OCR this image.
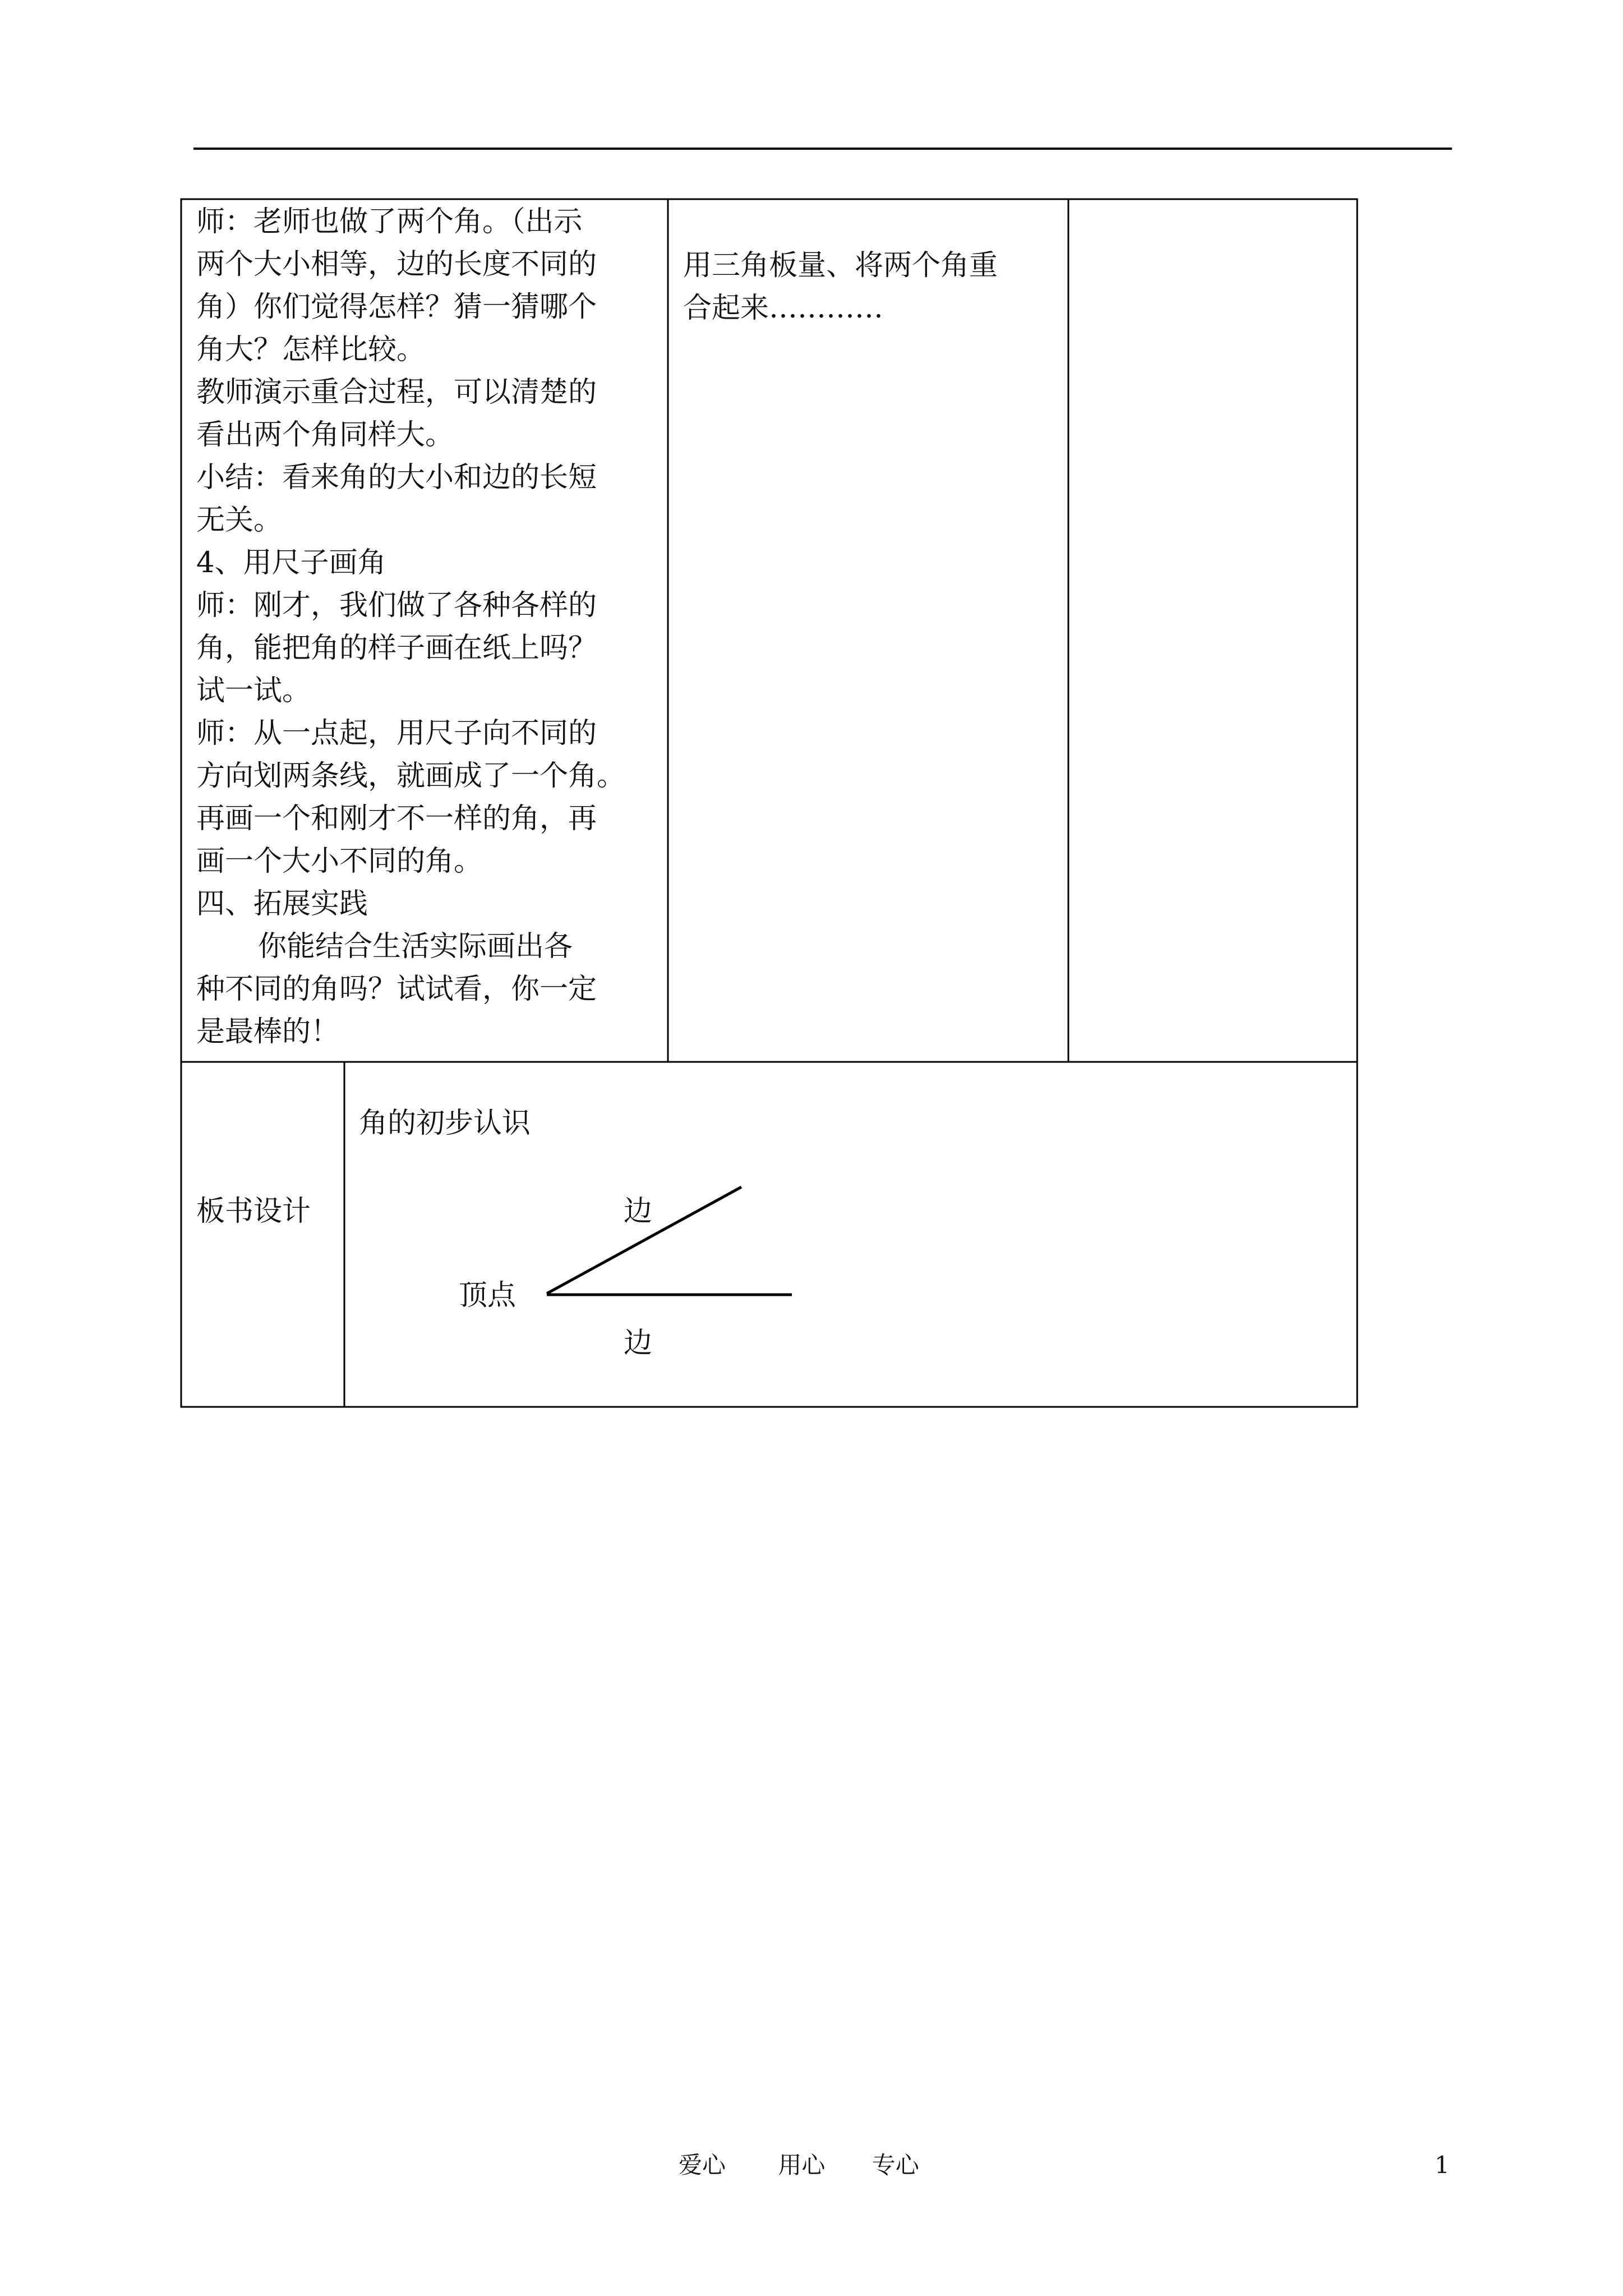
师：老师也做了两个角。（出示
两个大小相等，边的长度不同的
角）你们觉得怎样？猜一猜哪个
角大？怎样比较。
教师演示重合过程，可以清楚的
看出两个角同样大。
小结：看来角的大小和边的长短
无关。
4、用尺子画角
师：刚才，我们做了各种各样的
角，能把角的样子画在纸上吗？
试一试。
师：从一点起，用尺子向不同的
方向划两条线，就画成了一个角。
再画一个和刚才不一样的角，再
画一个大小不同的角。
四、拓展实践
你能结合生活实际画出各
种不同的角吗？试试看，你一定
是最棒的！
用三角板量、将两个角重
合起来…………
板书设计
角的初步认识
边
顶点
边
爱心 用心 专心	1
